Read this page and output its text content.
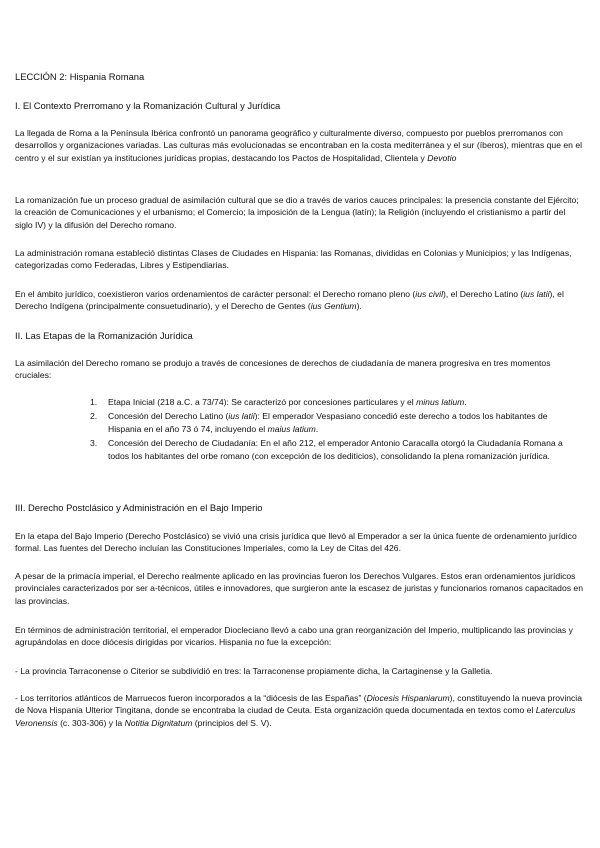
LECCIÓN 2: Hispania Romana

I. El Contexto Prerromano y la Romanización Cultural y Jurídica

La llegada de Roma a la Península Ibérica confrontó un panorama geográfico y culturalmente diverso, compuesto por pueblos prerromanos con desarrollos y organizaciones variadas. Las culturas más evolucionadas se encontraban en la costa mediterránea y el sur (íberos), mientras que en el centro y el sur existían ya instituciones jurídicas propias, destacando los Pactos de Hospitalidad, Clientela y Devotio

La romanización fue un proceso gradual de asimilación cultural que se dio a través de varios cauces principales: la presencia constante del Ejército; la creación de Comunicaciones y el urbanismo; el Comercio; la imposición de la Lengua (latín); la Religión (incluyendo el cristianismo a partir del siglo IV) y la difusión del Derecho romano.

La administración romana estableció distintas Clases de Ciudades en Hispania: las Romanas, divididas en Colonias y Municipios; y las Indígenas, categorizadas como Federadas, Libres y Estipendiarias.

En el ámbito jurídico, coexistieron varios ordenamientos de carácter personal: el Derecho romano pleno (ius civil), el Derecho Latino (ius latii), el Derecho Indígena (principalmente consuetudinario), y el Derecho de Gentes (ius Gentium).

II. Las Etapas de la Romanización Jurídica

La asimilación del Derecho romano se produjo a través de concesiones de derechos de ciudadanía de manera progresiva en tres momentos cruciales:

1. Etapa Inicial (218 a.C. a 73/74): Se caracterizó por concesiones particulares y el minus latium.
2. Concesión del Derecho Latino (ius latii): El emperador Vespasiano concedió este derecho a todos los habitantes de Hispania en el año 73 ó 74, incluyendo el maius latium.
3. Concesión del Derecho de Ciudadanía: En el año 212, el emperador Antonio Caracalla otorgó la Ciudadanía Romana a todos los habitantes del orbe romano (con excepción de los dediticios), consolidando la plena romanización jurídica.

III. Derecho Postclásico y Administración en el Bajo Imperio

En la etapa del Bajo Imperio (Derecho Postclásico) se vivió una crisis jurídica que llevó al Emperador a ser la única fuente de ordenamiento jurídico formal. Las fuentes del Derecho incluían las Constituciones Imperiales, como la Ley de Citas del 426.

A pesar de la primacía imperial, el Derecho realmente aplicado en las provincias fueron los Derechos Vulgares. Estos eran ordenamientos jurídicos provinciales caracterizados por ser a-técnicos, útiles e innovadores, que surgieron ante la escasez de juristas y funcionarios romanos capacitados en las provincias.

En términos de administración territorial, el emperador Diocleciano llevó a cabo una gran reorganización del Imperio, multiplicando las provincias y agrupándolas en doce diócesis dirigidas por vicarios. Hispania no fue la excepción:

- La provincia Tarraconense o Citerior se subdividió en tres: la Tarraconense propiamente dicha, la Cartaginense y la Galletia.

- Los territorios atlánticos de Marruecos fueron incorporados a la “diócesis de las Españas” (Diocesis Hispaniarum), constituyendo la nueva provincia de Nova Hispania Ulterior Tingitana, donde se encontraba la ciudad de Ceuta. Esta organización queda documentada en textos como el Laterculus Veronensis (c. 303-306) y la Notitia Dignitatum (principios del S. V).
